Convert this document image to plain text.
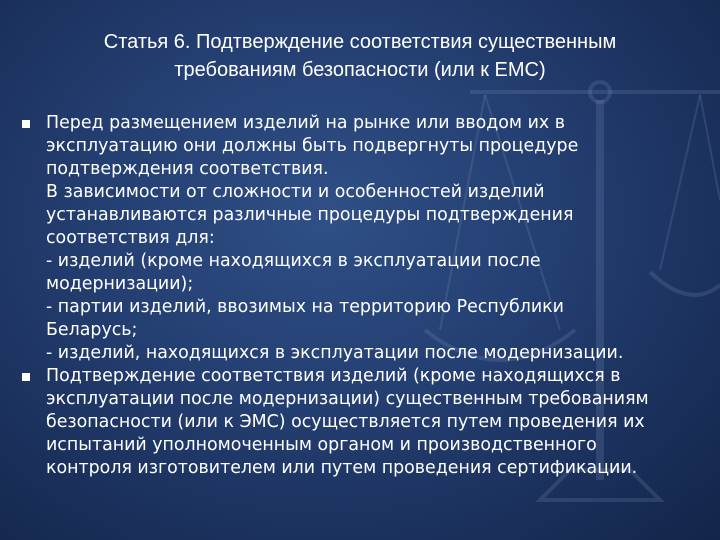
Статья 6. Подтверждение соответствия существенным
требованиям безопасности (или к ЕМС)
Перед размещением изделий на рынке или вводом их в
эксплуатацию они должны быть подвергнуты процедуре
подтверждения соответствия.
В зависимости от сложности и особенностей изделий
устанавливаются различные процедуры подтверждения
соответствия для:
- изделий (кроме находящихся в эксплуатации после
модернизации);
- партии изделий, ввозимых на территорию Республики
Беларусь;
- изделий, находящихся в эксплуатации после модернизации.
Подтверждение соответствия изделий (кроме находящихся в
эксплуатации после модернизации) существенным требованиям
безопасности (или к ЭМС) осуществляется путем проведения их
испытаний уполномоченным органом и производственного
контроля изготовителем или путем проведения сертификации.
